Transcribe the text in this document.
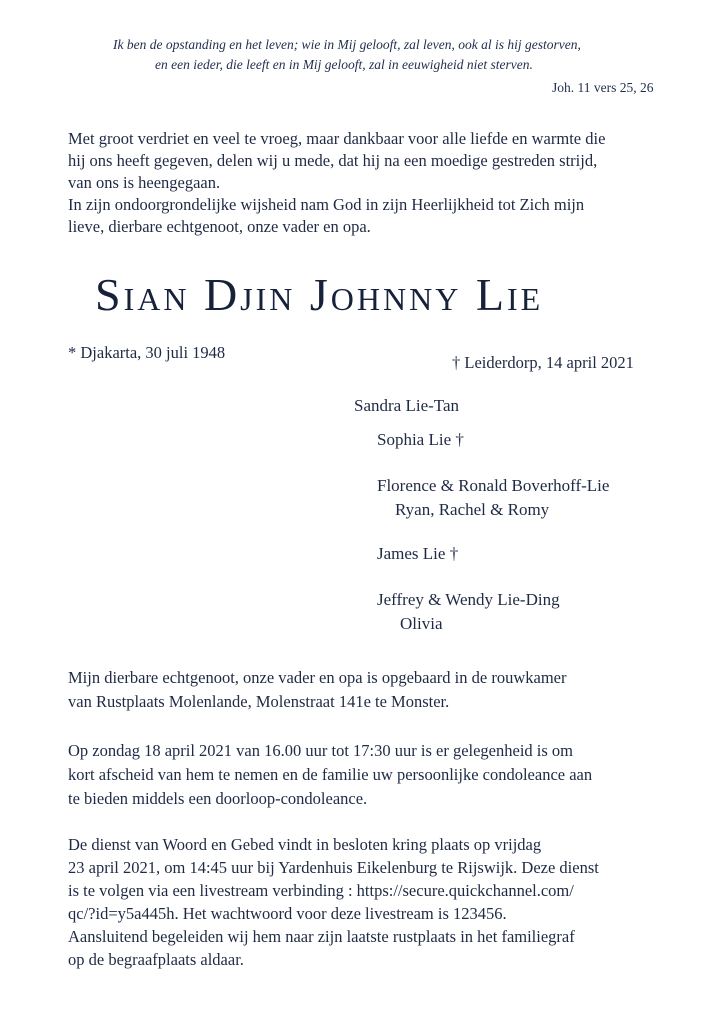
Ik ben de opstanding en het leven; wie in Mij gelooft, zal leven, ook al is hij gestorven,
en een ieder, die leeft en in Mij gelooft, zal in eeuwigheid niet sterven.
Joh. 11 vers 25, 26
Met groot verdriet en veel te vroeg, maar dankbaar voor alle liefde en warmte die
hij ons heeft gegeven, delen wij u mede, dat hij na een moedige gestreden strijd,
van ons is heengegaan.
In zijn ondoorgrondelijke wijsheid nam God in zijn Heerlijkheid tot Zich mijn
lieve, dierbare echtgenoot, onze vader en opa.
Sian Djin Johnny Lie
* Djakarta, 30 juli 1948
† Leiderdorp, 14 april 2021
Sandra Lie-Tan
Sophia Lie †
Florence & Ronald Boverhoff-Lie
Ryan, Rachel & Romy
James Lie †
Jeffrey & Wendy Lie-Ding
Olivia
Mijn dierbare echtgenoot, onze vader en opa is opgebaard in de rouwkamer
van Rustplaats Molenlande, Molenstraat 141e te Monster.
Op zondag 18 april 2021 van 16.00 uur tot 17:30 uur is er gelegenheid is om
kort afscheid van hem te nemen en de familie uw persoonlijke condoleance aan
te bieden middels een doorloop-condoleance.
De dienst van Woord en Gebed vindt in besloten kring plaats op vrijdag
23 april 2021, om 14:45 uur bij Yardenhuis Eikelenburg te Rijswijk. Deze dienst
is te volgen via een livestream verbinding : https://secure.quickchannel.com/
qc/?id=y5a445h. Het wachtwoord voor deze livestream is 123456.
Aansluitend begeleiden wij hem naar zijn laatste rustplaats in het familiegraf
op de begraafplaats aldaar.
